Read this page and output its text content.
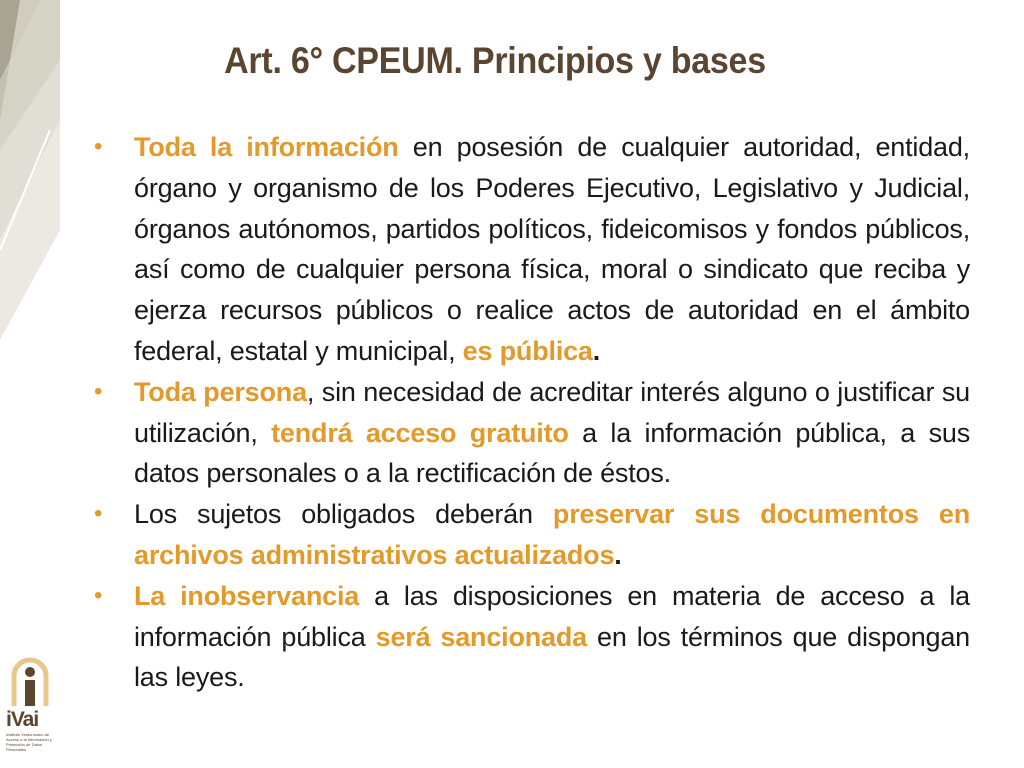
Art. 6° CPEUM. Principios y bases
• Toda la información en posesión de cualquier autoridad, entidad, órgano y organismo de los Poderes Ejecutivo, Legislativo y Judicial, órganos autónomos, partidos políticos, fideicomisos y fondos públicos, así como de cualquier persona física, moral o sindicato que reciba y ejerza recursos públicos o realice actos de autoridad en el ámbito federal, estatal y municipal, es pública.
• Toda persona, sin necesidad de acreditar interés alguno o justificar su utilización, tendrá acceso gratuito a la información pública, a sus datos personales o a la rectificación de éstos.
• Los sujetos obligados deberán preservar sus documentos en archivos administrativos actualizados.
• La inobservancia a las disposiciones en materia de acceso a la información pública será sancionada en los términos que dispongan las leyes.
iVai
Instituto Veracruzano de Acceso a la Información y Protección de Datos Personales
